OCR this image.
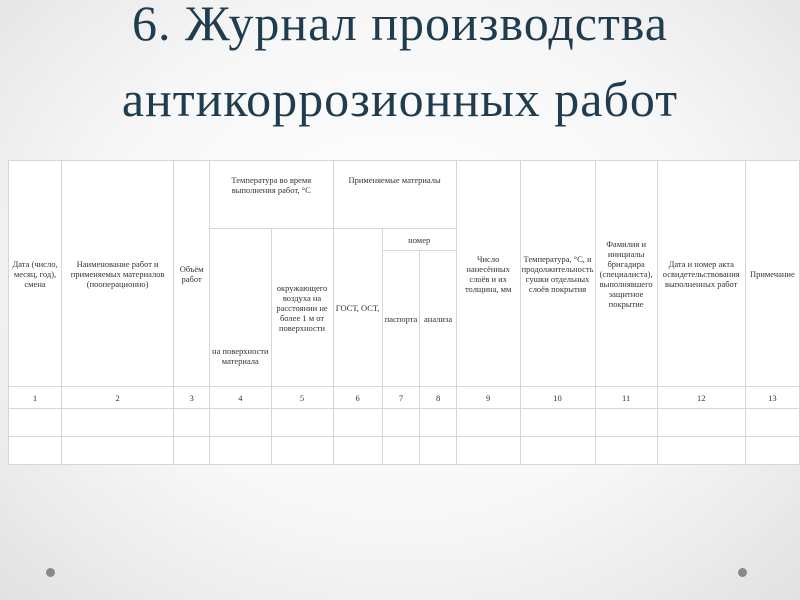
6. Журнал производства
антикоррозионных работ
Дата (число, месяц, год), смена	Наименование работ и применяемых материалов (пооперационно)	Объём работ	Температура во время выполнения работ, °С		Применяемые материалы			Число нанесённых слоёв и их толщина, мм	Температура, °С, и продолжительность сушки отдельных слоёв покрытия	Фамилия и инициалы бригадира (специалиста), выполнявшего защитное покрытие	Дата и номер акта освидетельствования выполненных работ	Примечание
			на поверхности материала	окружающего воздуха на расстоянии не более 1 м от поверхности	ГОСТ, ОСТ,	номер						
						паспорта	анализа					
1	2	3	4	5	6	7	8	9	10	11	12	13
